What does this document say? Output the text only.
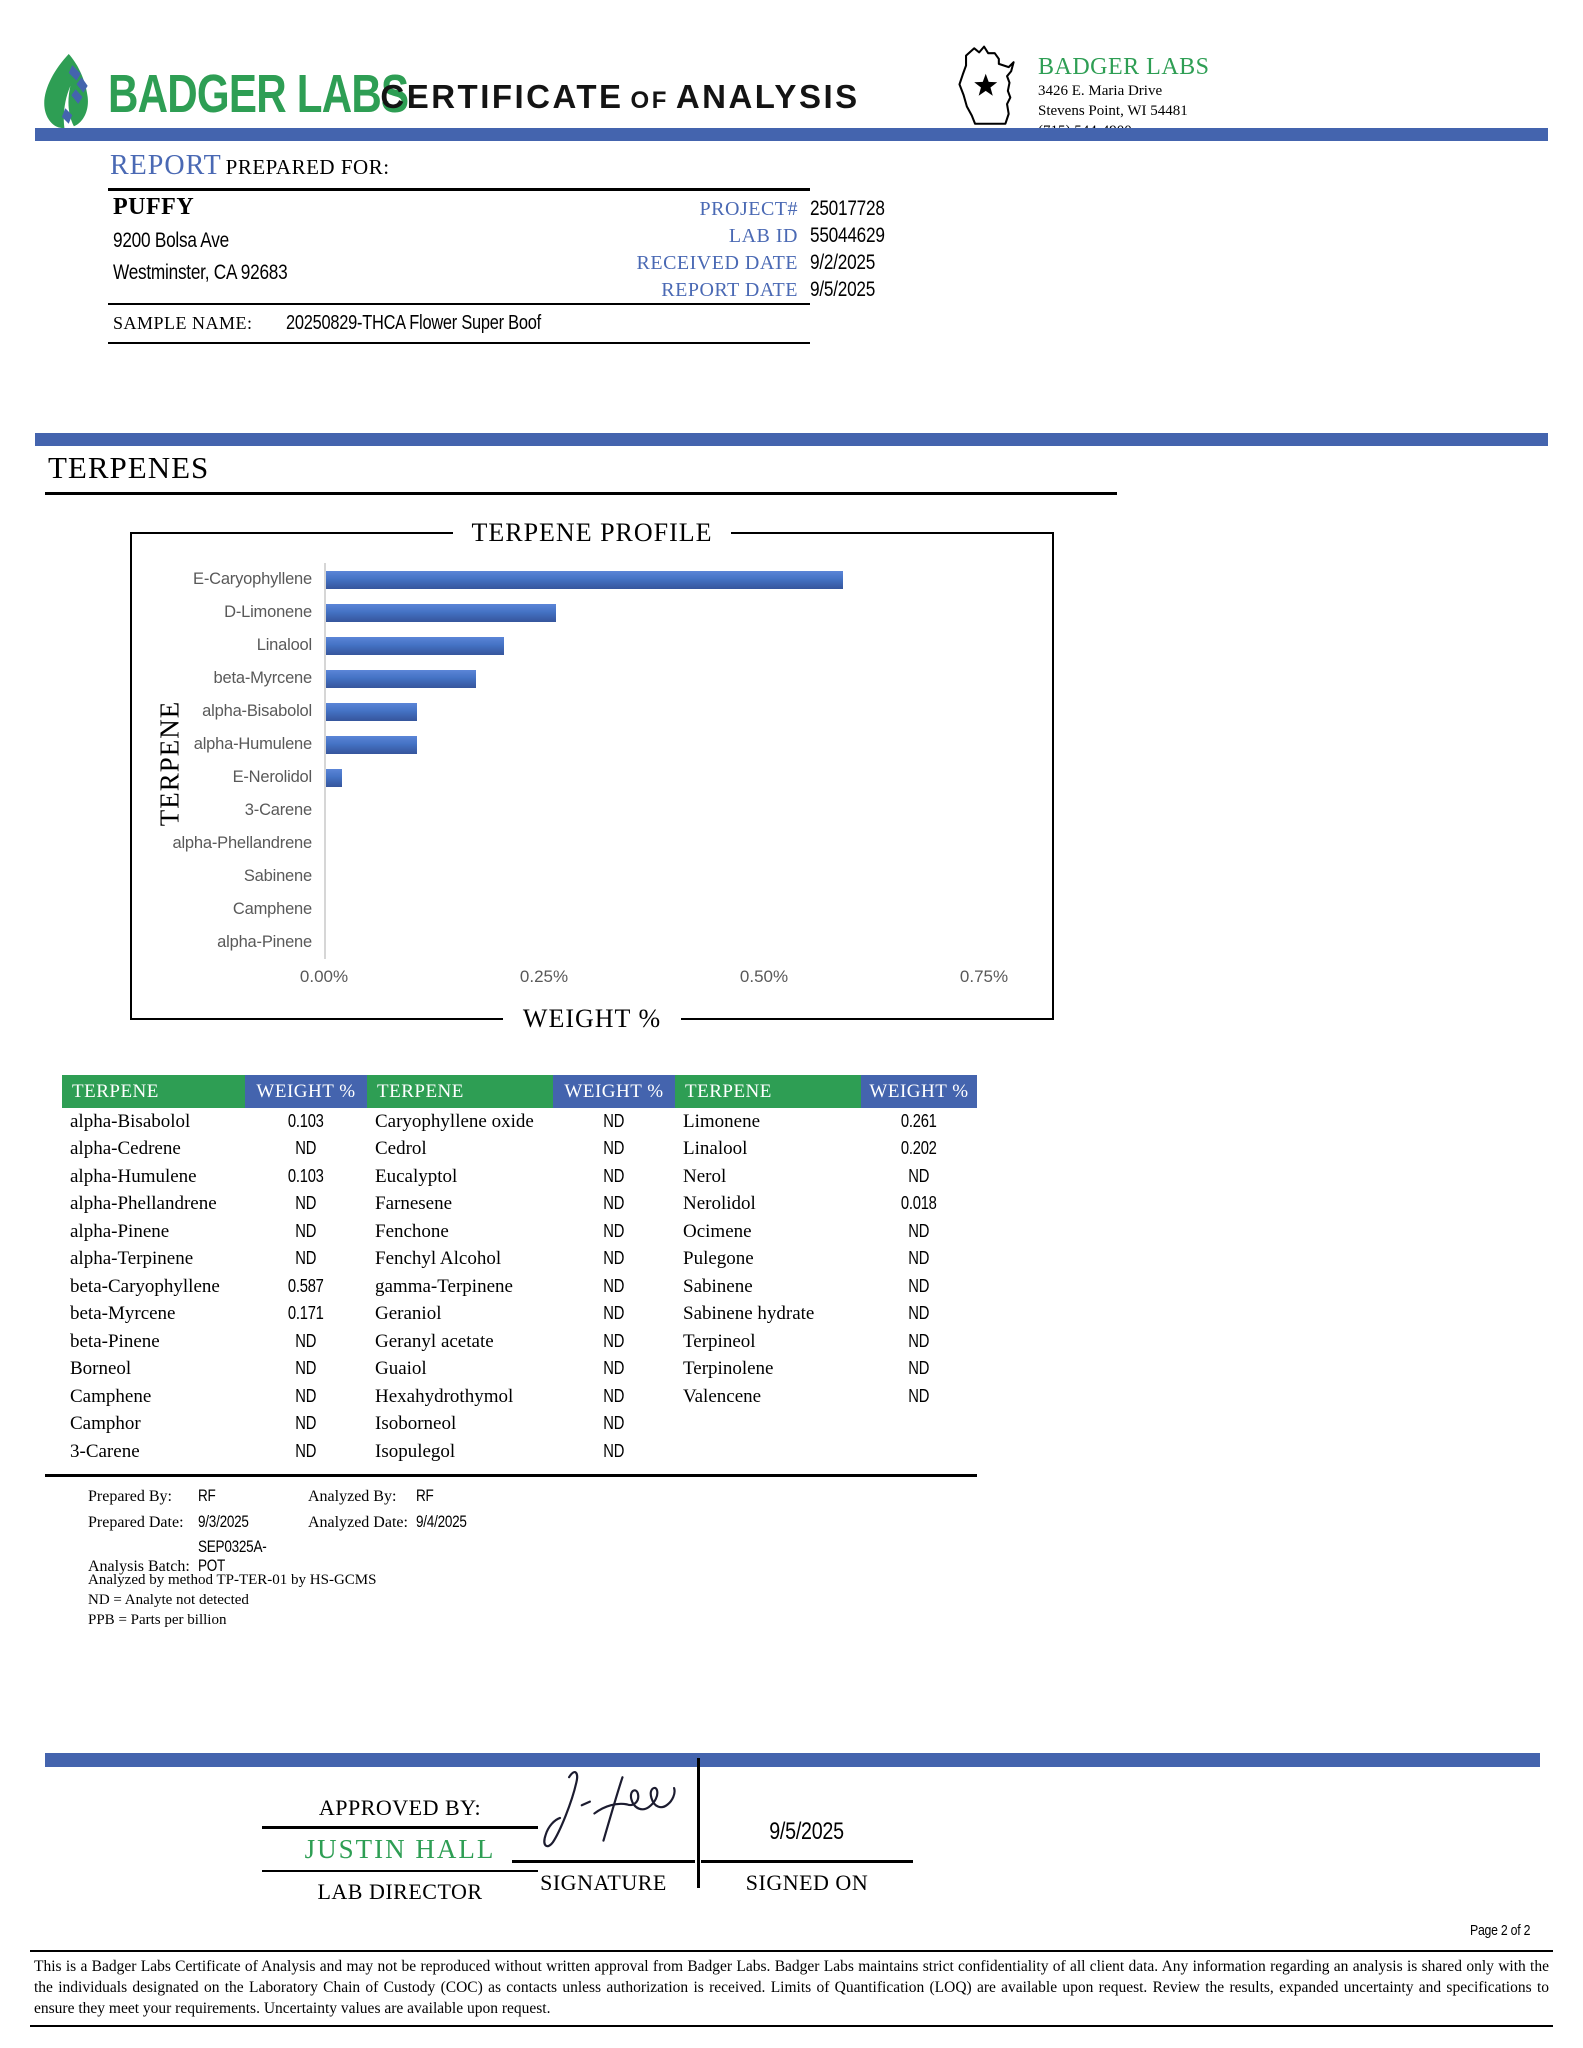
BADGER LABS
CERTIFICATE OF ANALYSIS
BADGER LABS
3426 E. Maria Drive
Stevens Point, WI 54481
REPORT PREPARED FOR:
PUFFY
9200 Bolsa Ave
Westminster, CA 92683
PROJECT# 25017728
LAB ID 55044629
RECEIVED DATE 9/2/2025
REPORT DATE 9/5/2025
SAMPLE NAME: 20250829-THCA Flower Super Boof
TERPENES
TERPENE PROFILE
TERPENE
E-Caryophyllene
D-Limonene
Linalool
beta-Myrcene
alpha-Bisabolol
alpha-Humulene
E-Nerolidol
3-Carene
alpha-Phellandrene
Sabinene
Camphene
alpha-Pinene
0.00%	0.25%	0.50%	0.75%
WEIGHT %
TERPENE	WEIGHT %	TERPENE	WEIGHT %	TERPENE	WEIGHT %
alpha-Bisabolol	0.103	Caryophyllene oxide	ND	Limonene	0.261
alpha-Cedrene	ND	Cedrol	ND	Linalool	0.202
alpha-Humulene	0.103	Eucalyptol	ND	Nerol	ND
alpha-Phellandrene	ND	Farnesene	ND	Nerolidol	0.018
alpha-Pinene	ND	Fenchone	ND	Ocimene	ND
alpha-Terpinene	ND	Fenchyl Alcohol	ND	Pulegone	ND
beta-Caryophyllene	0.587	gamma-Terpinene	ND	Sabinene	ND
beta-Myrcene	0.171	Geraniol	ND	Sabinene hydrate	ND
beta-Pinene	ND	Geranyl acetate	ND	Terpineol	ND
Borneol	ND	Guaiol	ND	Terpinolene	ND
Camphene	ND	Hexahydrothymol	ND	Valencene	ND
Camphor	ND	Isoborneol	ND		
3-Carene	ND	Isopulegol	ND		
Prepared By:	RF	Analyzed By:	RF
Prepared Date: 9/3/2025	Analyzed Date: 9/4/2025
Analysis Batch:
SEP0325A-POT
Analyzed by method TP-TER-01 by HS-GCMS
ND = Analyte not detected
PPB = Parts per billion
APPROVED BY:
JUSTIN HALL
LAB DIRECTOR	SIGNATURE
9/5/2025
SIGNED ON
Page 2 of 2
This is a Badger Labs Certificate of Analysis and may not be reproduced without written approval from Badger Labs. Badger Labs maintains strict confidentiality of all client data. Any information regarding an analysis is shared only with the the individuals designated on the Laboratory Chain of Custody (COC) as contacts unless authorization is received. Limits of Quantification (LOQ) are available upon request. Review the results, expanded uncertainty and specifications to ensure they meet your requirements. Uncertainty values are available upon request.
